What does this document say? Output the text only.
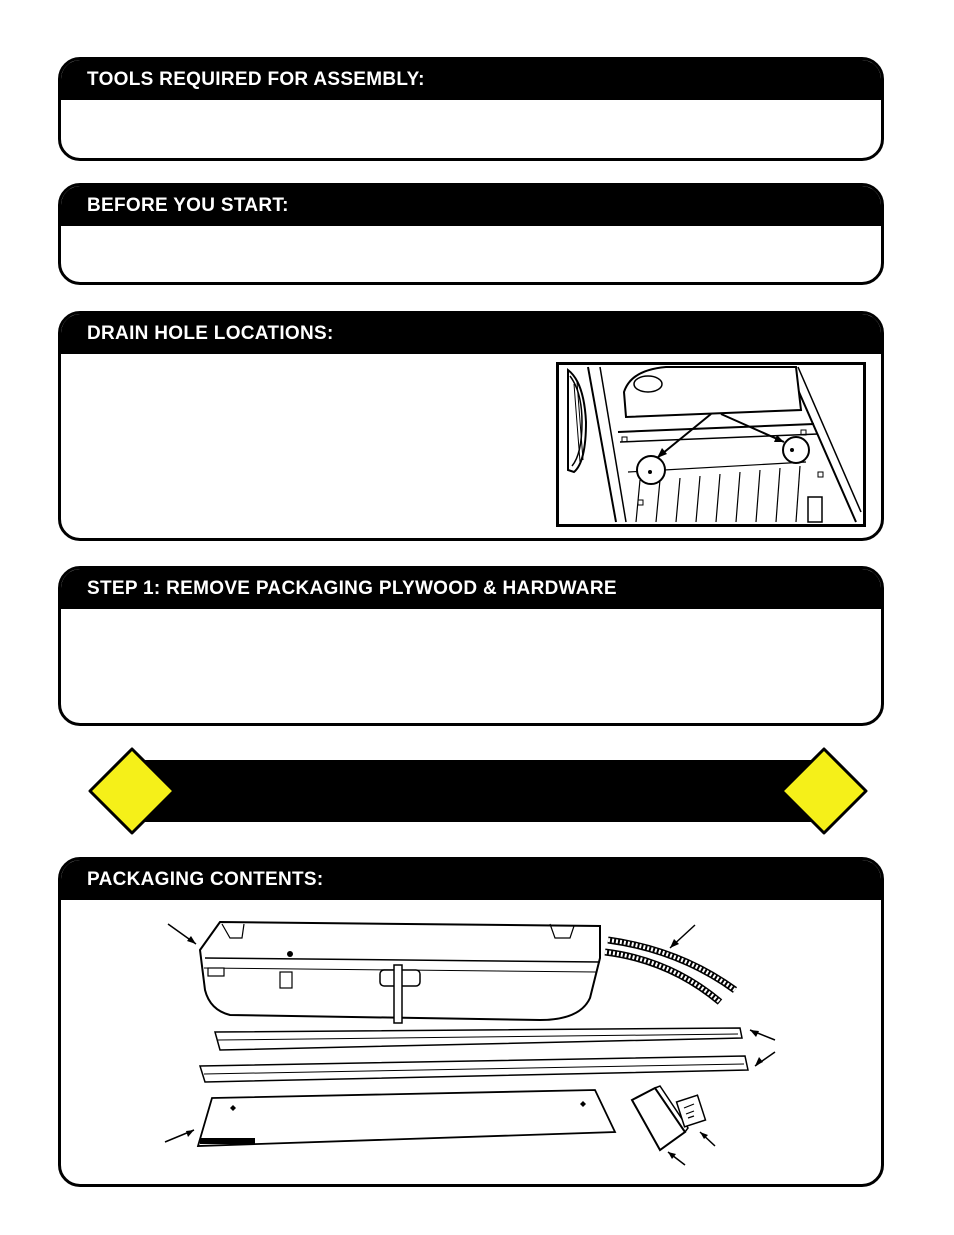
TOOLS REQUIRED FOR ASSEMBLY:
BEFORE YOU START:
DRAIN HOLE LOCATIONS:
STEP 1: REMOVE PACKAGING PLYWOOD & HARDWARE
PACKAGING CONTENTS:
